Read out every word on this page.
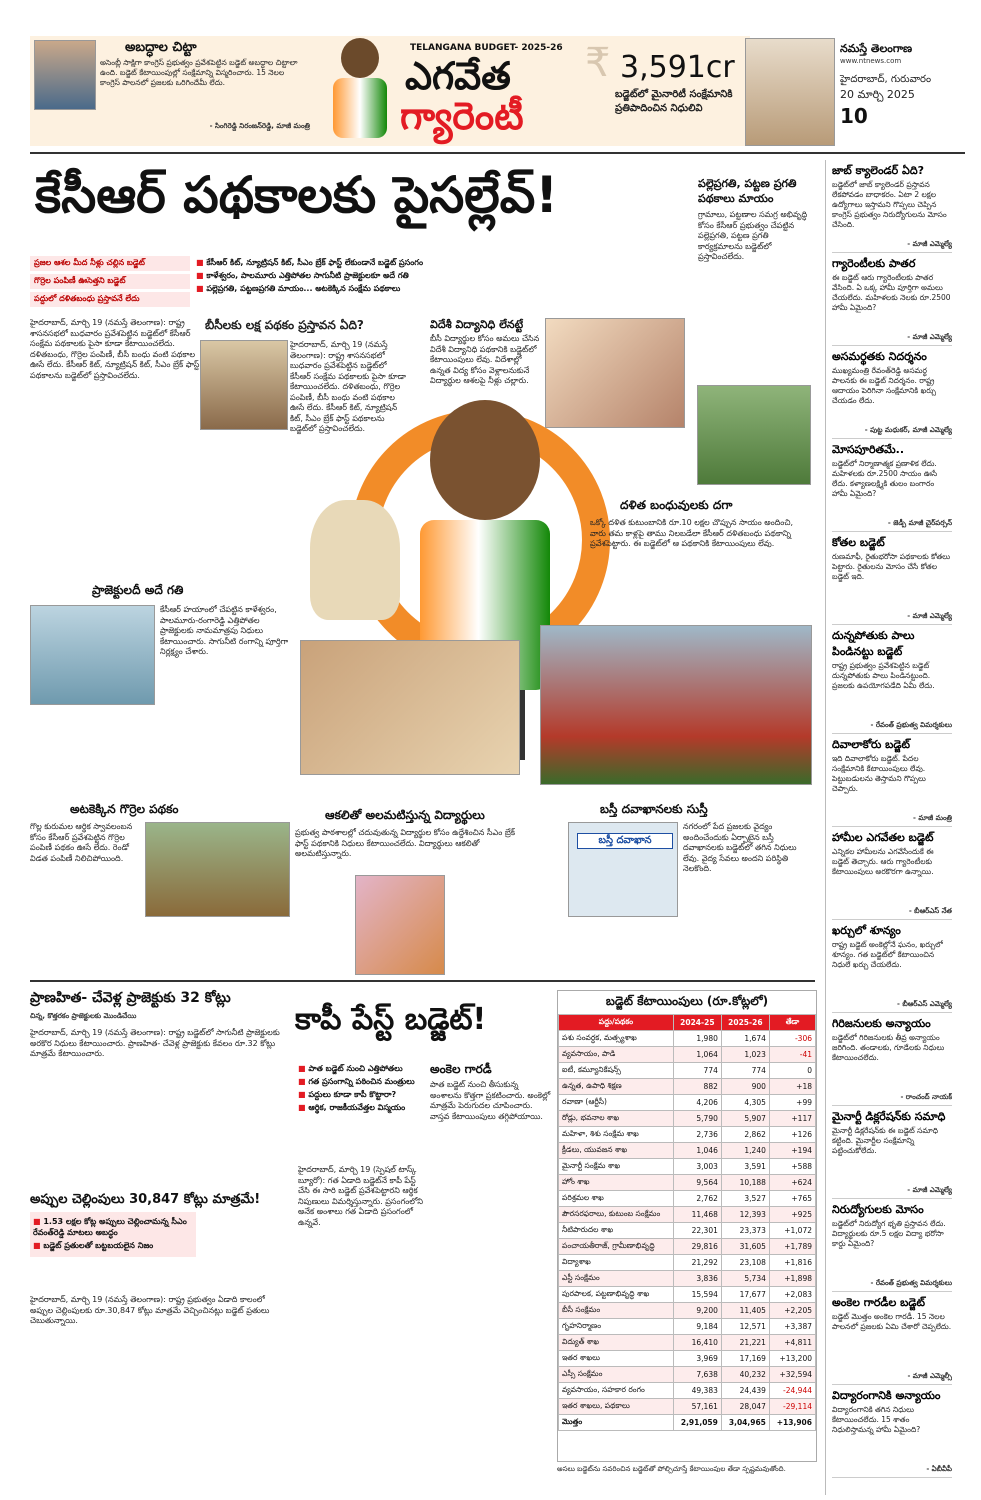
అబద్ధాల చిట్టా
అసెంబ్లీ సాక్షిగా కాంగ్రెస్ ప్రభుత్వం ప్రవేశపెట్టిన బడ్జెట్ అబద్ధాల చిట్టాలా ఉంది. బడ్జెట్ కేటాయింపుల్లో సంక్షేమాన్ని విస్మరించారు. 15 నెలల కాంగ్రెస్ పాలనలో ప్రజలకు ఒరిగిందేమీ లేదు.
- సింగిరెడ్డి నిరంజన్‌రెడ్డి, మాజీ మంత్రి
TELANGANA BUDGET- 2025-26
ఎగవేత
గ్యారెంటీ
₹ 3,591cr
బడ్జెట్‌లో మైనారిటీ సంక్షేమానికి ప్రతిపాదించిన నిధులివి
నమస్తే తెలంగాణ
www.ntnews.com
హైదరాబాద్, గురువారం
20 మార్చి 2025
10
కేసీఆర్ పథకాలకు పైసల్లేవ్!
ప్రజల ఆశల మీద నీళ్లు చల్లిన బడ్జెట్
గొర్రెల పంపిణీ ఊసెత్తని బడ్జెట్
పద్దులో దళితబంధు ప్రస్తావనే లేదు
■ కేసీఆర్ కిట్, న్యూట్రిషన్ కిట్, సీఎం బ్రేక్ ఫాస్ట్ లేకుండానే బడ్జెట్ ప్రసంగం
■ కాళేశ్వరం, పాలమూరు ఎత్తిపోతల సాగునీటి ప్రాజెక్టులకూ అదే గతి
■ పల్లెప్రగతి, పట్టణప్రగతి మాయం... అటకెక్కిన సంక్షేమ పథకాలు
హైదరాబాద్, మార్చి 19 (నమస్తే తెలంగాణ): రాష్ట్ర శాసనసభలో బుధవారం ప్రవేశపెట్టిన బడ్జెట్‌లో కేసీఆర్ సంక్షేమ పథకాలకు పైసా కూడా కేటాయించలేదు. దళితబంధు, గొర్రెల పంపిణీ, బీసీ బంధు వంటి పథకాల ఊసే లేదు. కేసీఆర్ కిట్, న్యూట్రిషన్ కిట్, సీఎం బ్రేక్ ఫాస్ట్ పథకాలను బడ్జెట్‌లో ప్రస్తావించలేదు.
బీసీలకు లక్ష పథకం ప్రస్తావన ఏది?
హైదరాబాద్, మార్చి 19 (నమస్తే తెలంగాణ): రాష్ట్ర శాసనసభలో బుధవారం ప్రవేశపెట్టిన బడ్జెట్‌లో కేసీఆర్ సంక్షేమ పథకాలకు పైసా కూడా కేటాయించలేదు. దళితబంధు, గొర్రెల పంపిణీ, బీసీ బంధు వంటి పథకాల ఊసే లేదు. కేసీఆర్ కిట్, న్యూట్రిషన్ కిట్, సీఎం బ్రేక్ ఫాస్ట్ పథకాలను బడ్జెట్‌లో ప్రస్తావించలేదు.
విదేశీ విద్యానిధి లేనట్టే
బీసీ విద్యార్థుల కోసం అమలు చేసిన విదేశీ విద్యానిధి పథకానికి బడ్జెట్‌లో కేటాయింపులు లేవు. విదేశాల్లో ఉన్నత విద్య కోసం వెళ్లాలనుకునే విద్యార్థుల ఆశలపై నీళ్లు చల్లారు.
ప్రాజెక్టులదీ అదే గతి
కేసీఆర్ హయాంలో చేపట్టిన కాళేశ్వరం, పాలమూరు-రంగారెడ్డి ఎత్తిపోతల ప్రాజెక్టులకు నామమాత్రపు నిధులు కేటాయించారు. సాగునీటి రంగాన్ని పూర్తిగా నిర్లక్ష్యం చేశారు.
పల్లెప్రగతి, పట్టణ ప్రగతి పథకాలు మాయం
గ్రామాలు, పట్టణాల సమగ్ర అభివృద్ధి కోసం కేసీఆర్ ప్రభుత్వం చేపట్టిన పల్లెప్రగతి, పట్టణ ప్రగతి కార్యక్రమాలను బడ్జెట్‌లో ప్రస్తావించలేదు.
దళిత బంధువులకు దగా
ఒక్కో దళిత కుటుంబానికి రూ.10 లక్షల చొప్పున సాయం అందించి, వారు తమ కాళ్లపై తాము నిలబడేలా కేసీఆర్ దళితబంధు పథకాన్ని ప్రవేశపెట్టారు. ఈ బడ్జెట్‌లో ఆ పథకానికి కేటాయింపులు లేవు.
అటకెక్కిన గొర్రెల పథకం
గొల్ల కురుమల ఆర్థిక స్వావలంబన కోసం కేసీఆర్ ప్రవేశపెట్టిన గొర్రెల పంపిణీ పథకం ఊసే లేదు. రెండో విడత పంపిణీ నిలిచిపోయింది.
ఆకలితో అలమటిస్తున్న విద్యార్థులు
ప్రభుత్వ పాఠశాలల్లో చదువుతున్న విద్యార్థుల కోసం ఉద్దేశించిన సీఎం బ్రేక్ ఫాస్ట్ పథకానికి నిధులు కేటాయించలేదు. విద్యార్థులు ఆకలితో అలమటిస్తున్నారు.
బస్తీ దవాఖానలకు సుస్తీ
బస్తీ దవాఖాన
నగరంలో పేద ప్రజలకు వైద్యం అందించేందుకు ఏర్పాటైన బస్తీ దవాఖానలకు బడ్జెట్‌లో తగిన నిధులు లేవు. వైద్య సేవలు అందని పరిస్థితి నెలకొంది.
ప్రాణహిత- చేవెళ్ల ప్రాజెక్టుకు 32 కోట్లు
చిన్న, కొత్తరకం ప్రాజెక్టులకు మొండిచేయి
హైదరాబాద్, మార్చి 19 (నమస్తే తెలంగాణ): రాష్ట్ర బడ్జెట్‌లో సాగునీటి ప్రాజెక్టులకు అరకొర నిధులు కేటాయించారు. ప్రాణహిత- చేవెళ్ల ప్రాజెక్టుకు కేవలం రూ.32 కోట్లు మాత్రమే కేటాయించారు.
అప్పుల చెల్లింపులు 30,847 కోట్లు మాత్రమే!
■ 1.53 లక్షల కోట్ల అప్పులు చెల్లించామన్న సీఎం రేవంత్‌రెడ్డి మాటలు అబద్ధం
■ బడ్జెట్ ప్రతులతో బట్టబయలైన నిజం
హైదరాబాద్, మార్చి 19 (నమస్తే తెలంగాణ): రాష్ట్ర ప్రభుత్వం ఏడాది కాలంలో అప్పుల చెల్లింపులకు రూ.30,847 కోట్లు మాత్రమే వెచ్చించినట్లు బడ్జెట్ ప్రతులు చెబుతున్నాయి.
కాపీ పేస్ట్ బడ్జెట్!
■ పాత బడ్జెట్ నుంచి ఎత్తిపోతలు
■ గత ప్రసంగాన్ని పఠించిన మంత్రులు
■ పద్దులు కూడా కాపీ కొట్టారా?
■ ఆర్థిక, రాజకీయవేత్తల విస్మయం
హైదరాబాద్, మార్చి 19 (స్పెషల్ టాస్క్ బ్యూరో): గత ఏడాది బడ్జెట్‌నే కాపీ పేస్ట్ చేసి ఈ సారి బడ్జెట్ ప్రవేశపెట్టారని ఆర్థిక నిపుణులు విమర్శిస్తున్నారు. ప్రసంగంలోని అనేక అంశాలు గత ఏడాది ప్రసంగంలో ఉన్నవే.
అంకెల గారడీ
పాత బడ్జెట్ నుంచి తీసుకున్న అంశాలను కొత్తగా ప్రకటించారు. అంకెల్లో మాత్రమే పెరుగుదల చూపించారు. వాస్తవ కేటాయింపులు తగ్గిపోయాయి.
బడ్జెట్ కేటాయింపులు (రూ.కోట్లలో)
పద్దు/పథకం	2024-25	2025-26	తేడా
పశు సంవర్ధక, మత్స్యశాఖ	1,980	1,674	-306
వ్యవసాయం, పాడి	1,064	1,023	-41
ఐటీ, కమ్యూనికేషన్స్	774	774	0
ఉన్నత, ఉపాధి శిక్షణ	882	900	+18
రవాణా (ఆర్టీసీ)	4,206	4,305	+99
రోడ్లు, భవనాల శాఖ	5,790	5,907	+117
మహిళా, శిశు సంక్షేమ శాఖ	2,736	2,862	+126
క్రీడలు, యువజన శాఖ	1,046	1,240	+194
మైనార్టీ సంక్షేమ శాఖ	3,003	3,591	+588
హోం శాఖ	9,564	10,188	+624
పరిశ్రమల శాఖ	2,762	3,527	+765
పౌరసరఫరాలు, కుటుంబ సంక్షేమం	11,468	12,393	+925
నీటిపారుదల శాఖ	22,301	23,373	+1,072
పంచాయతీరాజ్, గ్రామీణాభివృద్ధి	29,816	31,605	+1,789
విద్యాశాఖ	21,292	23,108	+1,816
ఎస్టీ సంక్షేమం	3,836	5,734	+1,898
పురపాలక, పట్టణాభివృద్ధి శాఖ	15,594	17,677	+2,083
బీసీ సంక్షేమం	9,200	11,405	+2,205
గృహనిర్మాణం	9,184	12,571	+3,387
విద్యుత్ శాఖ	16,410	21,221	+4,811
ఇతర శాఖలు	3,969	17,169	+13,200
ఎస్సీ సంక్షేమం	7,638	40,232	+32,594
వ్యవసాయం, సహకార రంగం	49,383	24,439	-24,944
ఇతర శాఖలు, పథకాలు	57,161	28,047	-29,114
మొత్తం	2,91,059	3,04,965	+13,906
అసలు బడ్జెట్‌ను సవరించిన బడ్జెట్‌తో పోల్చిచూస్తే కేటాయింపుల తేడా స్పష్టమవుతోంది.
జాబ్ క్యాలెండర్ ఏది?
బడ్జెట్‌లో జాబ్ క్యాలెండర్ ప్రస్తావన లేకపోవడం బాధాకరం. ఏటా 2 లక్షల ఉద్యోగాలు ఇస్తామని గొప్పలు చెప్పిన కాంగ్రెస్ ప్రభుత్వం నిరుద్యోగులను మోసం చేసింది.
- మాజీ ఎమ్మెల్యే
గ్యారెంటీలకు పాతర
ఈ బడ్జెట్ ఆరు గ్యారెంటీలకు పాతర వేసింది. ఏ ఒక్క హామీ పూర్తిగా అమలు చేయలేదు. మహిళలకు నెలకు రూ.2500 హామీ ఏమైంది?
- మాజీ ఎమ్మెల్యే
అసమర్థతకు నిదర్శనం
ముఖ్యమంత్రి రేవంత్‌రెడ్డి అసమర్థ పాలనకు ఈ బడ్జెట్ నిదర్శనం. రాష్ట్ర ఆదాయం పెరిగినా సంక్షేమానికి ఖర్చు చేయడం లేదు.
- పుట్ట మధుకర్, మాజీ ఎమ్మెల్యే
మోసపూరితమే..
బడ్జెట్‌లో నిర్మాణాత్మక ప్రణాళిక లేదు. మహిళలకు రూ.2500 సాయం ఊసే లేదు. కళ్యాణలక్ష్మికి తులం బంగారం హామీ ఏమైంది?
- జెడ్పీ మాజీ చైర్‌పర్సన్
కోతల బడ్జెట్
రుణమాఫీ, రైతుభరోసా పథకాలకు కోతలు పెట్టారు. రైతులను మోసం చేసే కోతల బడ్జెట్ ఇది.
- మాజీ ఎమ్మెల్యే
దున్నపోతుకు పాలు పిండినట్టు బడ్జెట్
రాష్ట్ర ప్రభుత్వం ప్రవేశపెట్టిన బడ్జెట్ దున్నపోతుకు పాలు పిండినట్టుంది. ప్రజలకు ఉపయోగపడేది ఏమీ లేదు.
- రేవంత్ ప్రభుత్వ విమర్శకులు
దివాలాకోరు బడ్జెట్
ఇది దివాలాకోరు బడ్జెట్. పేదల సంక్షేమానికి కేటాయింపులు లేవు. పెట్టుబడులను తెస్తామని గొప్పలు చెప్పారు.
- మాజీ మంత్రి
హామీల ఎగవేతల బడ్జెట్
ఎన్నికల హామీలను ఎగవేసేందుకే ఈ బడ్జెట్ తెచ్చారు. ఆరు గ్యారెంటీలకు కేటాయింపులు అరకొరగా ఉన్నాయి.
- బీఆర్‌ఎస్ నేత
ఖర్చులో శూన్యం
రాష్ట్ర బడ్జెట్ అంకెల్లోనే ఘనం, ఖర్చులో శూన్యం. గత బడ్జెట్‌లో కేటాయించిన నిధులే ఖర్చు చేయలేదు.
- బీఆర్‌ఎస్ ఎమ్మెల్యే
గిరిజనులకు అన్యాయం
బడ్జెట్‌లో గిరిజనులకు తీవ్ర అన్యాయం జరిగింది. తండాలకు, గూడేలకు నిధులు కేటాయించలేదు.
- రాంచంద్ నాయక్
మైనార్టీ డిక్లరేషన్‌కు సమాధి
మైనార్టీ డిక్లరేషన్‌కు ఈ బడ్జెట్ సమాధి కట్టింది. మైనార్టీల సంక్షేమాన్ని పట్టించుకోలేదు.
- మాజీ ఎమ్మెల్యే
నిరుద్యోగులకు మోసం
బడ్జెట్‌లో నిరుద్యోగ భృతి ప్రస్తావన లేదు. విద్యార్థులకు రూ.5 లక్షల విద్యా భరోసా కార్డు ఏమైంది?
- రేవంత్ ప్రభుత్వ విమర్శకులు
అంకెల గారడీల బడ్జెట్
బడ్జెట్ మొత్తం అంకెల గారడీ. 15 నెలల పాలనలో ప్రజలకు ఏమి చేశారో చెప్పలేదు.
- మాజీ ఎమ్మెల్సీ
విద్యారంగానికి అన్యాయం
విద్యారంగానికి తగిన నిధులు కేటాయించలేదు. 15 శాతం నిధులిస్తామన్న హామీ ఏమైంది?
- ఏబీవీపీ
